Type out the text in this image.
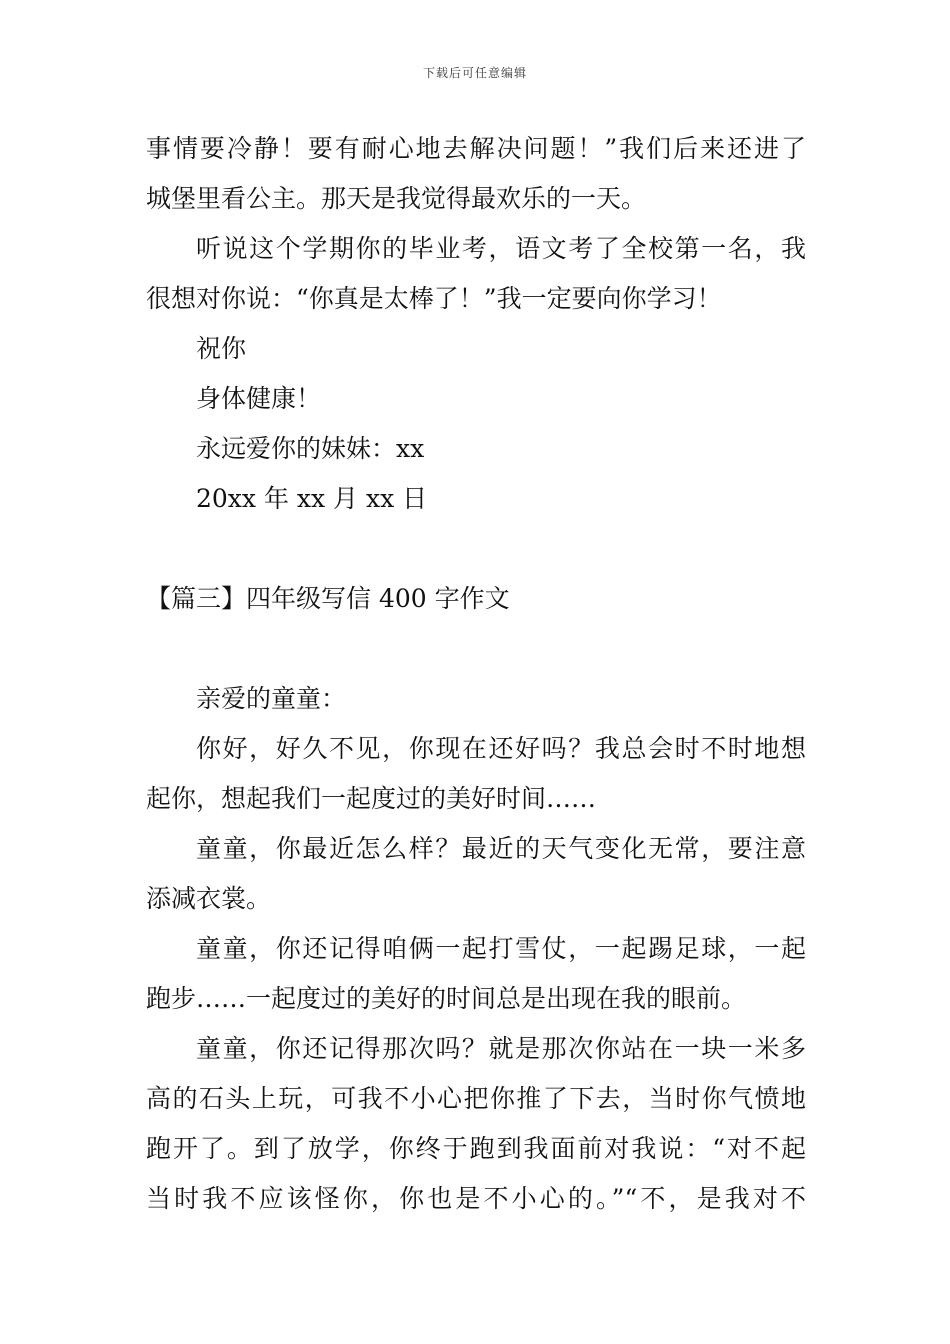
下载后可任意编辑
事情要冷静！要有耐心地去解决问题！”我们后来还进了
城堡里看公主。那天是我觉得最欢乐的一天。
听说这个学期你的毕业考，语文考了全校第一名，我
很想对你说：“你真是太棒了！”我一定要向你学习！
祝你
身体健康！
永远爱你的妹妹：xx
20xx 年 xx 月 xx 日
【篇三】四年级写信 400 字作文
亲爱的童童：
你好，好久不见，你现在还好吗？我总会时不时地想
起你，想起我们一起度过的美好时间……
童童，你最近怎么样？最近的天气变化无常，要注意
添减衣裳。
童童，你还记得咱俩一起打雪仗，一起踢足球，一起
跑步……一起度过的美好的时间总是出现在我的眼前。
童童，你还记得那次吗？就是那次你站在一块一米多
高的石头上玩，可我不小心把你推了下去，当时你气愤地
跑开了。到了放学，你终于跑到我面前对我说：“对不起
当时我不应该怪你，你也是不小心的。”“不，是我对不
